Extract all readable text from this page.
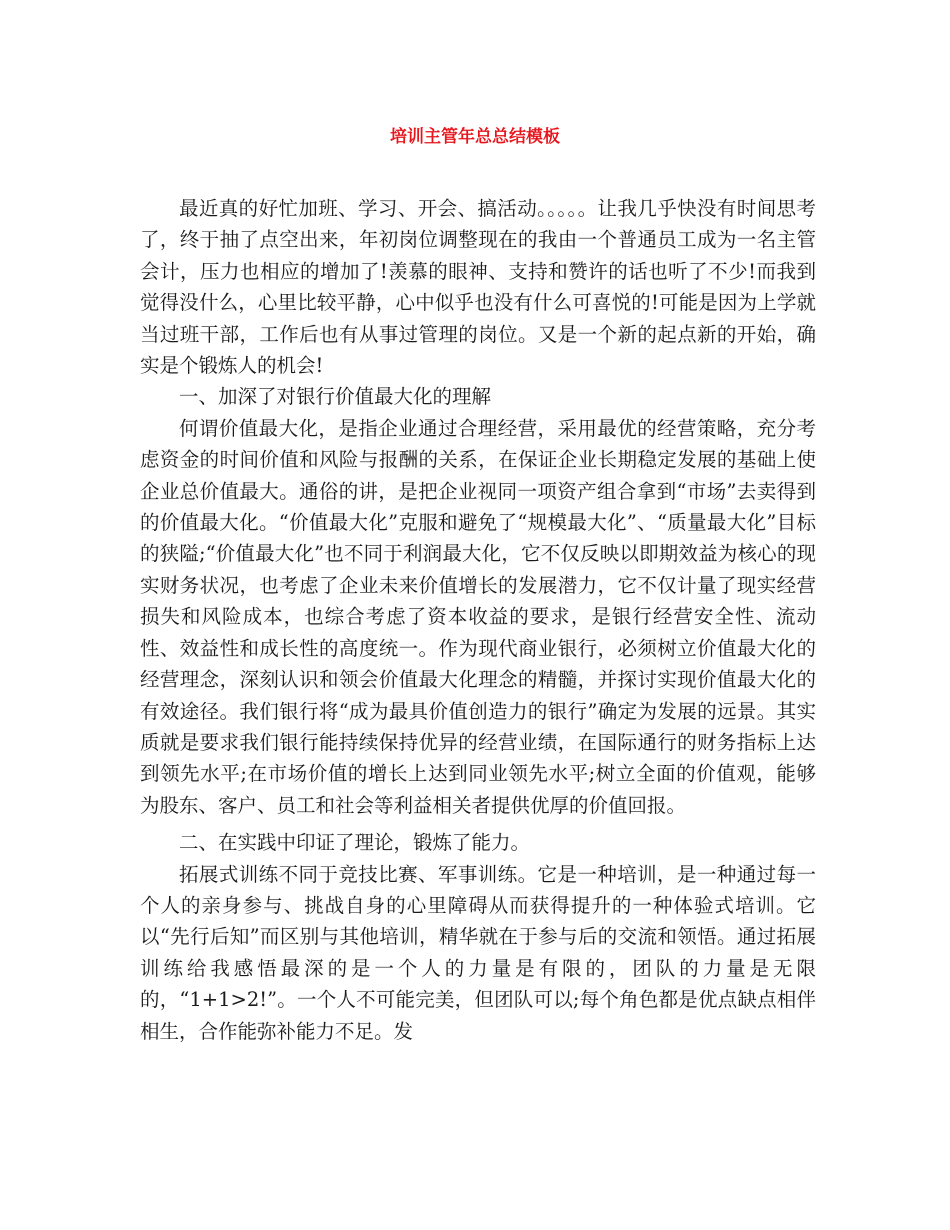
培训主管年总总结模板

最近真的好忙加班、学习、开会、搞活动。。。。。让我几乎快没有时间思考了，终于抽了点空出来，年初岗位调整现在的我由一个普通员工成为一名主管会计，压力也相应的增加了!羡慕的眼神、支持和赞许的话也听了不少!而我到觉得没什么，心里比较平静，心中似乎也没有什么可喜悦的!可能是因为上学就当过班干部，工作后也有从事过管理的岗位。又是一个新的起点新的开始，确实是个锻炼人的机会!

一、加深了对银行价值最大化的理解

何谓价值最大化，是指企业通过合理经营，采用最优的经营策略，充分考虑资金的时间价值和风险与报酬的关系，在保证企业长期稳定发展的基础上使企业总价值最大。通俗的讲，是把企业视同一项资产组合拿到“市场”去卖得到的价值最大化。“价值最大化”克服和避免了“规模最大化”、“质量最大化”目标的狭隘;“价值最大化”也不同于利润最大化，它不仅反映以即期效益为核心的现实财务状况，也考虑了企业未来价值增长的发展潜力，它不仅计量了现实经营损失和风险成本，也综合考虑了资本收益的要求，是银行经营安全性、流动性、效益性和成长性的高度统一。作为现代商业银行，必须树立价值最大化的经营理念，深刻认识和领会价值最大化理念的精髓，并探讨实现价值最大化的有效途径。我们银行将“成为最具价值创造力的银行”确定为发展的远景。其实质就是要求我们银行能持续保持优异的经营业绩，在国际通行的财务指标上达到领先水平;在市场价值的增长上达到同业领先水平;树立全面的价值观，能够为股东、客户、员工和社会等利益相关者提供优厚的价值回报。

二、在实践中印证了理论，锻炼了能力。

拓展式训练不同于竞技比赛、军事训练。它是一种培训，是一种通过每一个人的亲身参与、挑战自身的心里障碍从而获得提升的一种体验式培训。它以“先行后知”而区别与其他培训，精华就在于参与后的交流和领悟。通过拓展训练给我感悟最深的是一个人的力量是有限的，团队的力量是无限的，“1+1>2!”。一个人不可能完美，但团队可以;每个角色都是优点缺点相伴相生，合作能弥补能力不足。发
